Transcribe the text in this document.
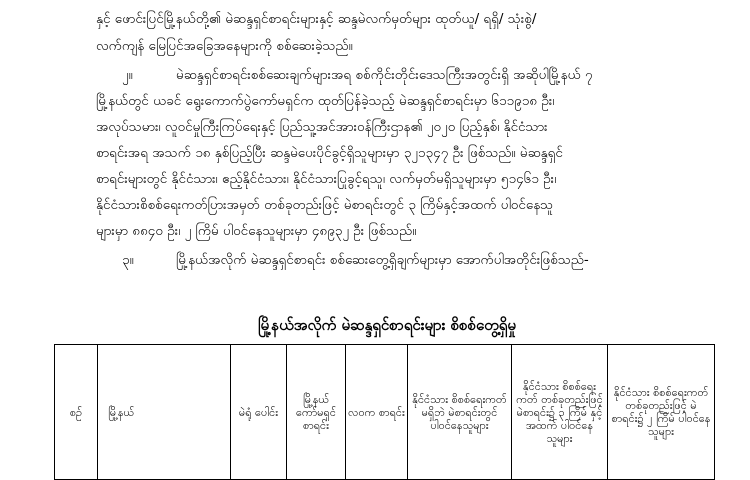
နှင့် ဖောင်းပြင်မြို့နယ်တို့၏ မဲဆန္ဒရှင်စာရင်းများနှင့် ဆန္ဒမဲလက်မှတ်များ ထုတ်ယူ/ ရရှိ/ သုံးစွဲ/
လက်ကျန် မြေပြင်အခြေအနေများကို စစ်ဆေးခဲ့သည်။
၂။	မဲဆန္ဒရှင်စာရင်းစစ်ဆေးချက်များအရ စစ်ကိုင်းတိုင်းဒေသကြီးအတွင်းရှိ အဆိုပါမြို့နယ် ၇
မြို့နယ်တွင် ယခင် ရွေးကောက်ပွဲကော်မရှင်က ထုတ်ပြန်ခဲ့သည့် မဲဆန္ဒရှင်စာရင်းမှာ ၆၁၁၉၁၈ ဦး၊
အလုပ်သမား၊ လူဝင်မှုကြီးကြပ်ရေးနှင့် ပြည်သူ့အင်အားဝန်ကြီးဌာန၏ ၂၀၂၀ ပြည့်နှစ်၊ နိုင်ငံသား
စာရင်းအရ အသက် ၁၈ နှစ်ပြည့်ပြီး ဆန္ဒမဲပေးပိုင်ခွင့်ရှိသူများမှာ ၃၂၁၃၄၇ ဦး ဖြစ်သည်။ မဲဆန္ဒရှင်
စာရင်းများတွင် နိုင်ငံသား၊ ဧည့်နိုင်ငံသား၊ နိုင်ငံသားပြုခွင့်ရသူ၊ လက်မှတ်မရှိသူများမှာ ၅၁၄၆၁ ဦး၊
နိုင်ငံသားစိစစ်ရေးကတ်ပြားအမှတ် တစ်ခုတည်းဖြင့် မဲစာရင်းတွင် ၃ ကြိမ်နှင့်အထက် ပါဝင်နေသူ
များမှာ ၈၈၄၀ ဦး၊ ၂ ကြိမ် ပါဝင်နေသူများမှာ ၄၈၉၃၂ ဦး ဖြစ်သည်။
၃။	မြို့နယ်အလိုက် မဲဆန္ဒရှင်စာရင်း စစ်ဆေးတွေ့ရှိချက်များမှာ အောက်ပါအတိုင်းဖြစ်သည်-
မြို့နယ်အလိုက် မဲဆန္ဒရှင်စာရင်းများ စိစစ်တွေ့ရှိမှု
စဉ်	မြို့နယ်	မဲရုံ ပေါင်း	မြို့နယ် ကော်မရှင် စာရင်း	လဝက စာရင်း	နိုင်ငံသား စိစစ်ရေးကတ် မရှိဘဲ မဲစာရင်းတွင် ပါဝင်နေသူများ	နိုင်ငံသား စိစစ်ရေးကတ် တစ်ခုတည်းဖြင့် မဲစာရင်း၌ ၃ ကြိမ် နှင့်အထက် ပါဝင်နေသူများ	နိုင်ငံသား စိစစ်ရေးကတ် တစ်ခုတည်းဖြင့် မဲစာရင်း၌ ၂ ကြိမ် ပါဝင်နေသူများ
